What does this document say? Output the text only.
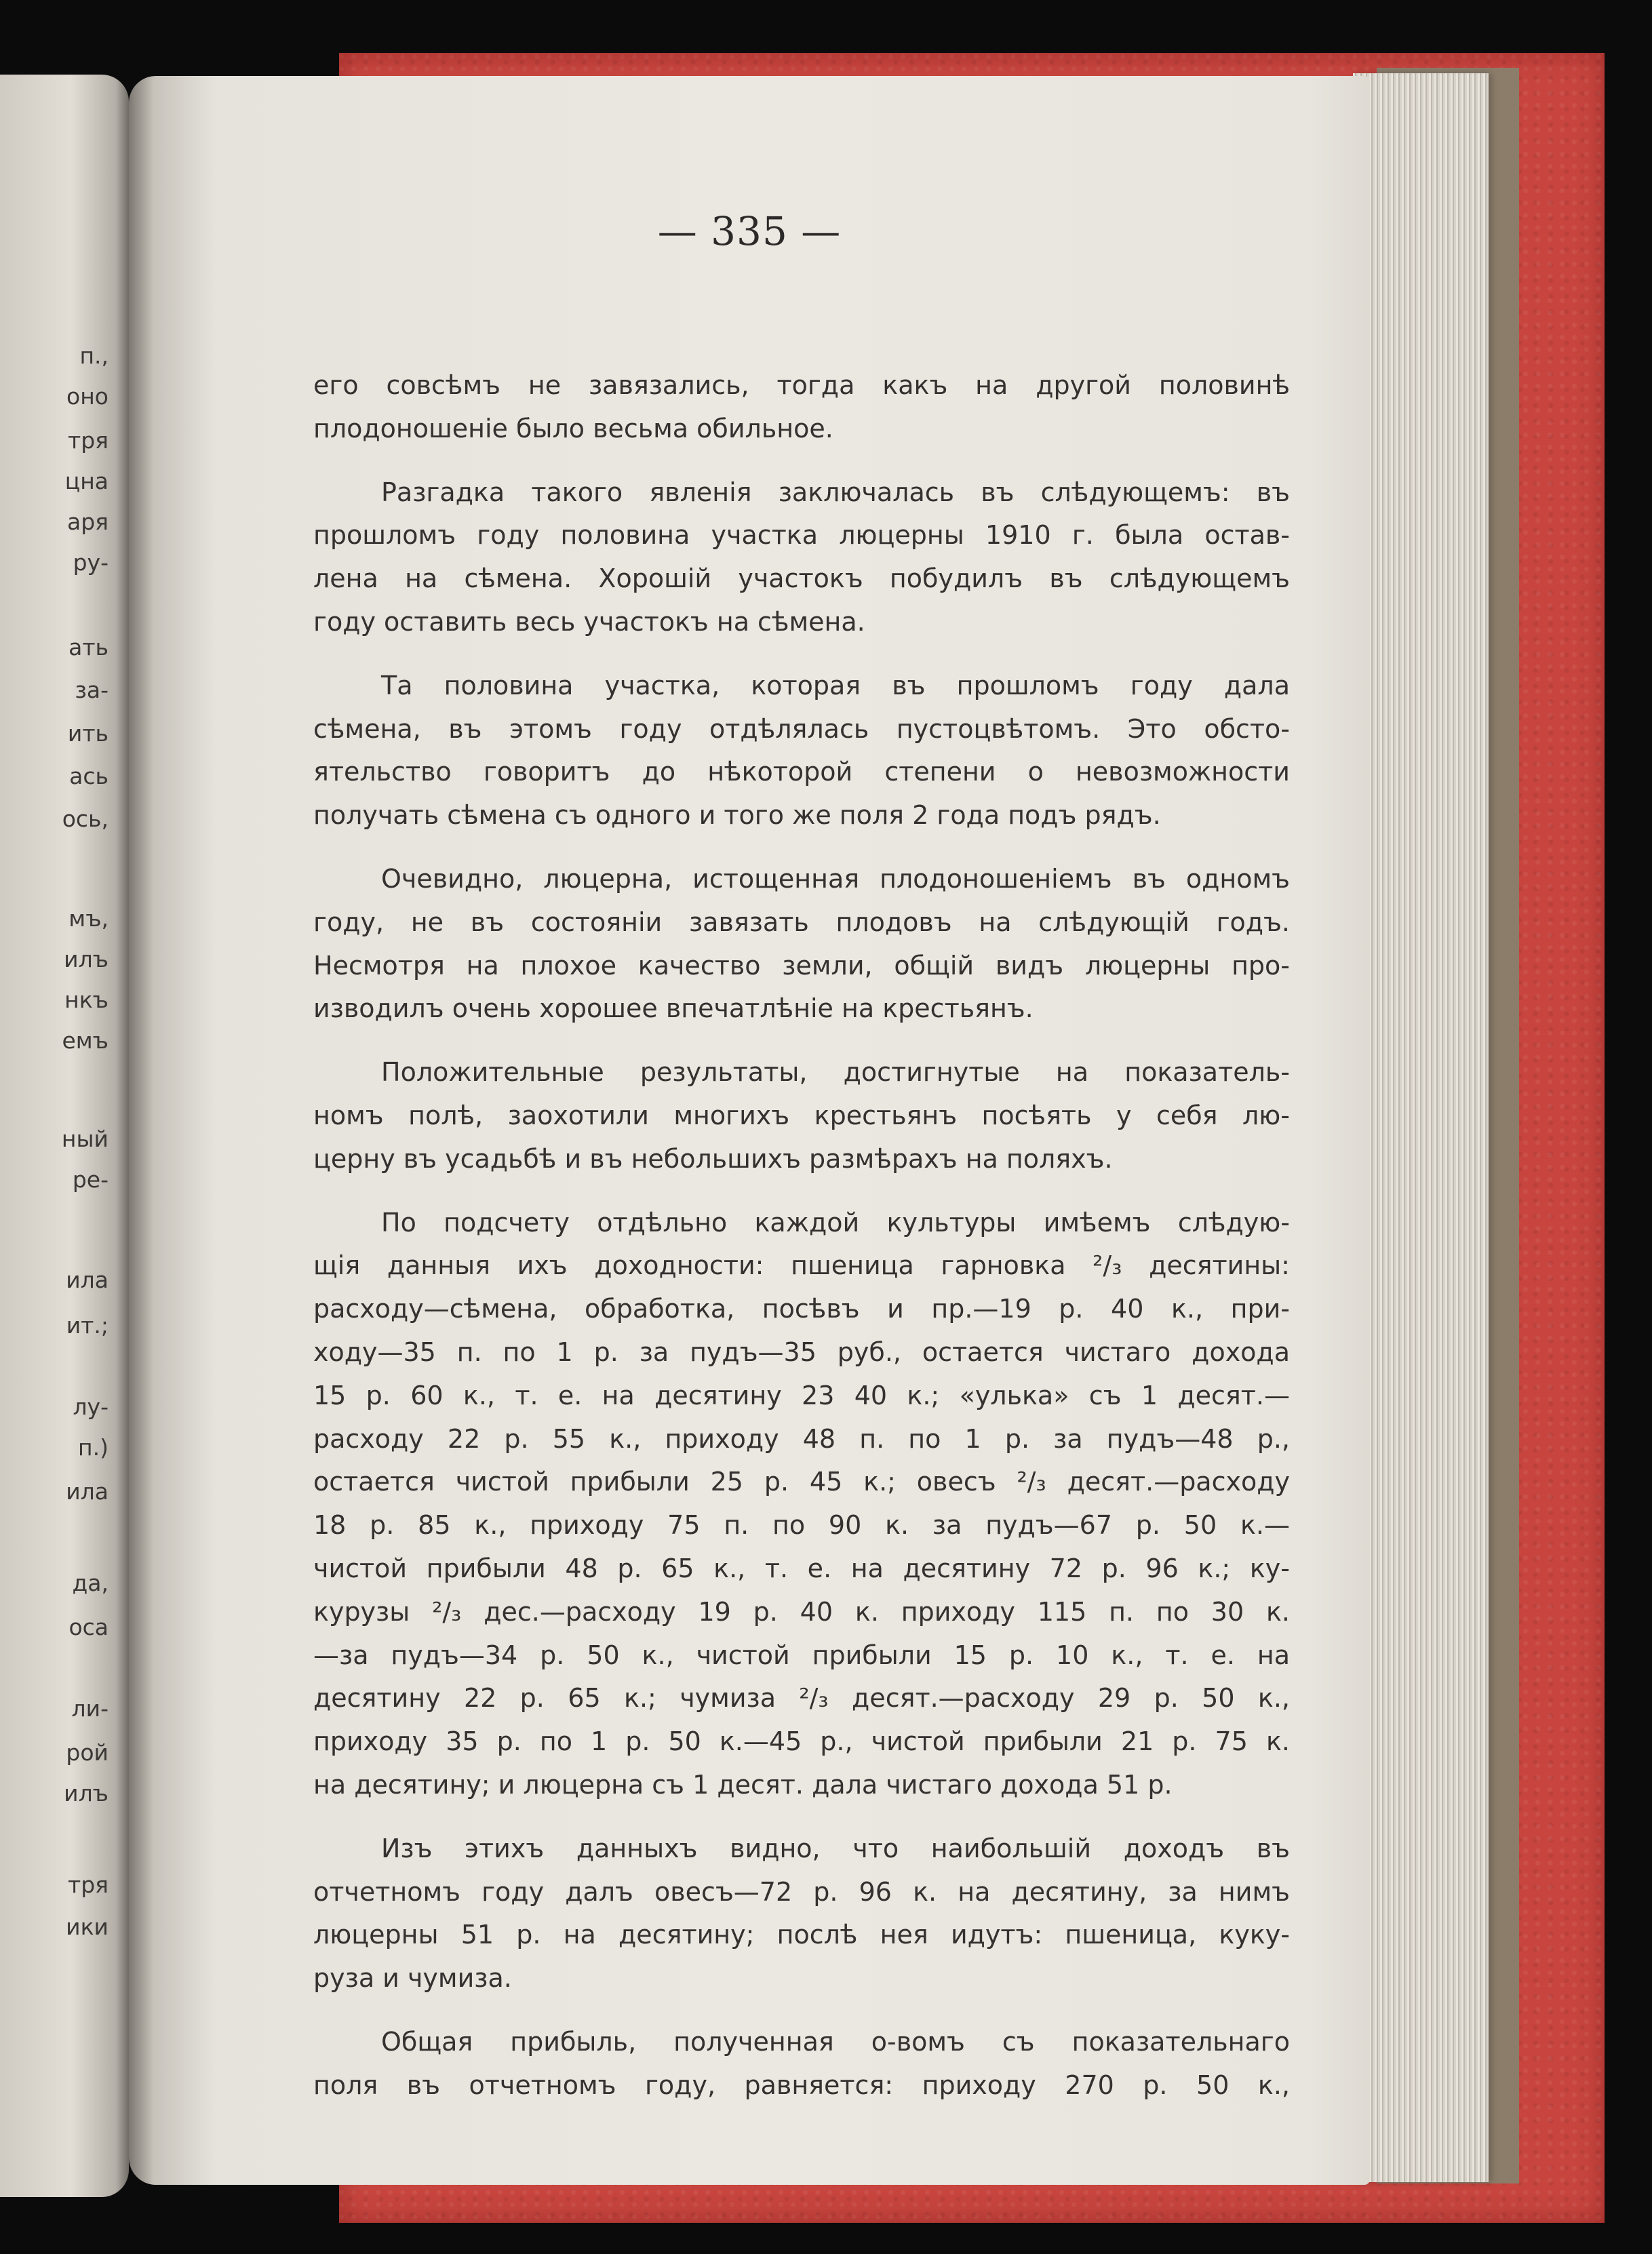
п.,
оно
тря
цна
аря
ру-
ать
за-
ить
ась
ось,
мъ,
илъ
нкъ
емъ
ный
ре-
ила
ит.;
лу-
п.)
ила
да,
оса
ли-
рой
илъ
тря
ики
— 335 —
его совсѣмъ не завязались, тогда какъ на другой половинѣ
плодоношеніе было весьма обильное.
Разгадка такого явленія заключалась въ слѣдующемъ: въ
прошломъ году половина участка люцерны 1910 г. была остав-
лена на сѣмена. Хорошій участокъ побудилъ въ слѣдующемъ
году оставить весь участокъ на сѣмена.
Та половина участка, которая въ прошломъ году дала
сѣмена, въ этомъ году отдѣлялась пустоцвѣтомъ. Это обсто-
ятельство говоритъ до нѣкоторой степени о невозможности
получать сѣмена съ одного и того же поля 2 года подъ рядъ.
Очевидно, люцерна, истощенная плодоношеніемъ въ одномъ
году, не въ состояніи завязать плодовъ на слѣдующій годъ.
Несмотря на плохое качество земли, общій видъ люцерны про-
изводилъ очень хорошее впечатлѣніе на крестьянъ.
Положительные результаты, достигнутые на показатель-
номъ полѣ, заохотили многихъ крестьянъ посѣять у себя лю-
церну въ усадьбѣ и въ небольшихъ размѣрахъ на поляхъ.
По подсчету отдѣльно каждой культуры имѣемъ слѣдую-
щія данныя ихъ доходности: пшеница гарновка ²/₃ десятины:
расходу—сѣмена, обработка, посѣвъ и пр.—19 р. 40 к., при-
ходу—35 п. по 1 р. за пудъ—35 руб., остается чистаго дохода
15 р. 60 к., т. е. на десятину 23 40 к.; «улька» съ 1 десят.—
расходу 22 р. 55 к., приходу 48 п. по 1 р. за пудъ—48 р.,
остается чистой прибыли 25 р. 45 к.; овесъ ²/₃ десят.—расходу
18 р. 85 к., приходу 75 п. по 90 к. за пудъ—67 р. 50 к.—
чистой прибыли 48 р. 65 к., т. е. на десятину 72 р. 96 к.; ку-
курузы ²/₃ дес.—расходу 19 р. 40 к. приходу 115 п. по 30 к.
—за пудъ—34 р. 50 к., чистой прибыли 15 р. 10 к., т. е. на
десятину 22 р. 65 к.; чумиза ²/₃ десят.—расходу 29 р. 50 к.,
приходу 35 р. по 1 р. 50 к.—45 р., чистой прибыли 21 р. 75 к.
на десятину; и люцерна съ 1 десят. дала чистаго дохода 51 р.
Изъ этихъ данныхъ видно, что наибольшій доходъ въ
отчетномъ году далъ овесъ—72 р. 96 к. на десятину, за нимъ
люцерны 51 р. на десятину; послѣ нея идутъ: пшеница, куку-
руза и чумиза.
Общая прибыль, полученная о-вомъ съ показательнаго
поля въ отчетномъ году, равняется: приходу 270 р. 50 к.,
